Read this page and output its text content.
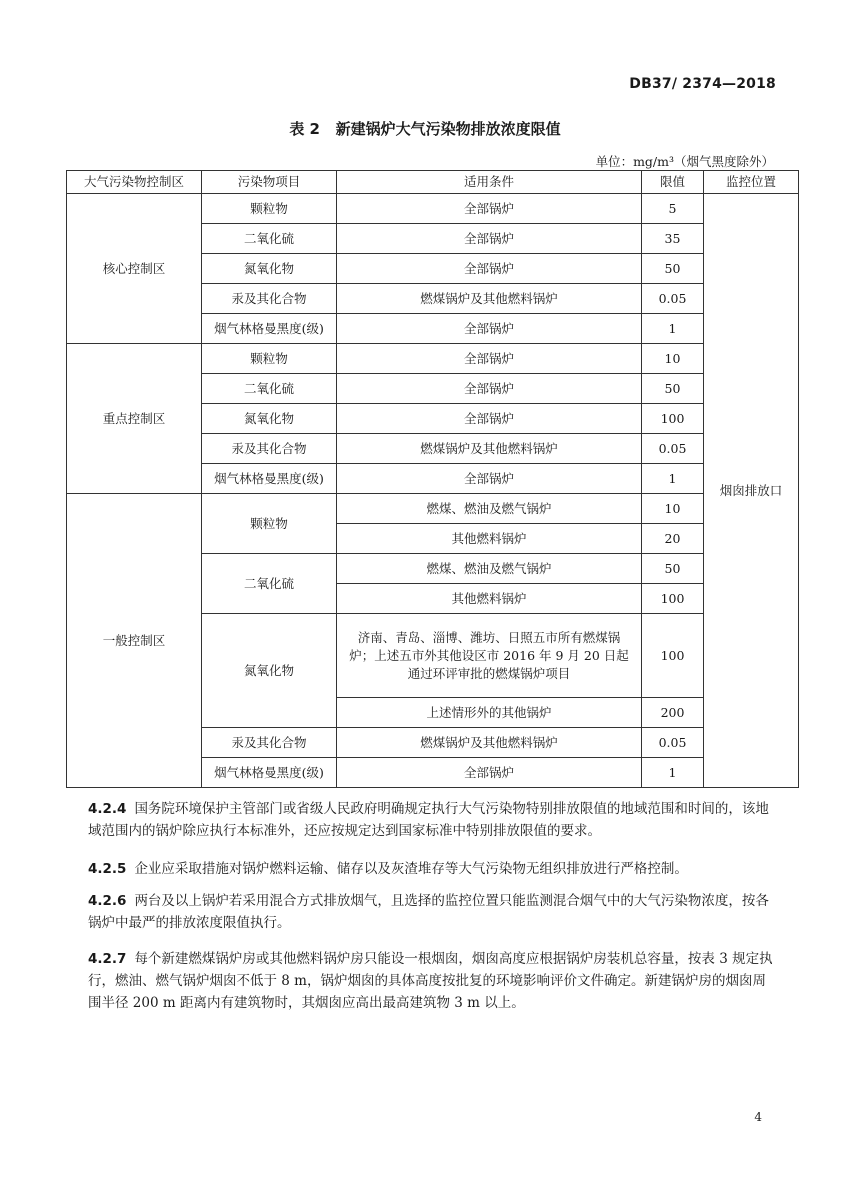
DB37/ 2374—2018
表 2   新建锅炉大气污染物排放浓度限值
单位：mg/m³（烟气黑度除外）
大气污染物控制区	污染物项目	适用条件	限值	监控位置
核心控制区	颗粒物	全部锅炉	5	烟囱排放口
	二氧化硫	全部锅炉	35	
	氮氧化物	全部锅炉	50	
	汞及其化合物	燃煤锅炉及其他燃料锅炉	0.05	
	烟气林格曼黑度(级)	全部锅炉	1	
重点控制区	颗粒物	全部锅炉	10	
	二氧化硫	全部锅炉	50	
	氮氧化物	全部锅炉	100	
	汞及其化合物	燃煤锅炉及其他燃料锅炉	0.05	
	烟气林格曼黑度(级)	全部锅炉	1	
一般控制区	颗粒物	燃煤、燃油及燃气锅炉	10	
		其他燃料锅炉	20	
	二氧化硫	燃煤、燃油及燃气锅炉	50	
		其他燃料锅炉	100	
	氮氧化物	济南、青岛、淄博、潍坊、日照五市所有燃煤锅炉；上述五市外其他设区市 2016 年 9 月 20 日起通过环评审批的燃煤锅炉项目	100	
		上述情形外的其他锅炉	200	
	汞及其化合物	燃煤锅炉及其他燃料锅炉	0.05	
	烟气林格曼黑度(级)	全部锅炉	1	
4.2.4 国务院环境保护主管部门或省级人民政府明确规定执行大气污染物特别排放限值的地域范围和时间的，该地域范围内的锅炉除应执行本标准外，还应按规定达到国家标准中特别排放限值的要求。
4.2.5 企业应采取措施对锅炉燃料运输、储存以及灰渣堆存等大气污染物无组织排放进行严格控制。
4.2.6 两台及以上锅炉若采用混合方式排放烟气，且选择的监控位置只能监测混合烟气中的大气污染物浓度，按各锅炉中最严的排放浓度限值执行。
4.2.7 每个新建燃煤锅炉房或其他燃料锅炉房只能设一根烟囱，烟囱高度应根据锅炉房装机总容量，按表 3 规定执行，燃油、燃气锅炉烟囱不低于 8 m，锅炉烟囱的具体高度按批复的环境影响评价文件确定。新建锅炉房的烟囱周围半径 200 m 距离内有建筑物时，其烟囱应高出最高建筑物 3 m 以上。
4
